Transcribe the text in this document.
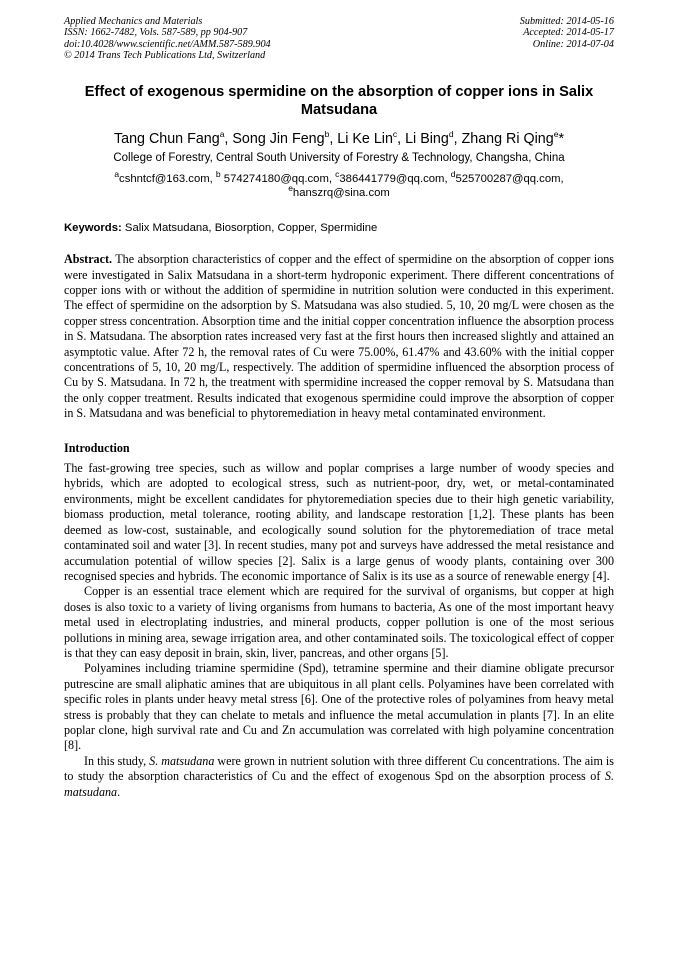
Applied Mechanics and Materials
ISSN: 1662-7482, Vols. 587-589, pp 904-907
doi:10.4028/www.scientific.net/AMM.587-589.904
© 2014 Trans Tech Publications Ltd, Switzerland
Submitted: 2014-05-16
Accepted: 2014-05-17
Online: 2014-07-04
Effect of exogenous spermidine on the absorption of copper ions in Salix Matsudana
Tang Chun Fang$^a$, Song Jin Feng$^b$, Li Ke Lin$^c$, Li Bing$^d$, Zhang Ri Qing$^e$*
College of Forestry, Central South University of Forestry & Technology, Changsha, China
$^a$cshntcf@163.com, $^b$ 574274180@qq.com, $^c$386441779@qq.com, $^d$525700287@qq.com,
$^e$hanszrq@sina.com
Keywords: Salix Matsudana, Biosorption, Copper, Spermidine
Abstract. The absorption characteristics of copper and the effect of spermidine on the absorption of copper ions were investigated in Salix Matsudana in a short-term hydroponic experiment. There different concentrations of copper ions with or without the addition of spermidine in nutrition solution were conducted in this experiment. The effect of spermidine on the adsorption by S. Matsudana was also studied. 5, 10, 20 mg/L were chosen as the copper stress concentration. Absorption time and the initial copper concentration influence the absorption process in S. Matsudana. The absorption rates increased very fast at the first hours then increased slightly and attained an asymptotic value. After 72 h, the removal rates of Cu were 75.00%, 61.47% and 43.60% with the initial copper concentrations of 5, 10, 20 mg/L, respectively. The addition of spermidine influenced the absorption process of Cu by S. Matsudana. In 72 h, the treatment with spermidine increased the copper removal by S. Matsudana than the only copper treatment. Results indicated that exogenous spermidine could improve the absorption of copper in S. Matsudana and was beneficial to phytoremediation in heavy metal contaminated environment.
Introduction

The fast-growing tree species, such as willow and poplar comprises a large number of woody species and hybrids, which are adopted to ecological stress, such as nutrient-poor, dry, wet, or metal-contaminated environments, might be excellent candidates for phytoremediation species due to their high genetic variability, biomass production, metal tolerance, rooting ability, and landscape restoration [1,2]. These plants has been deemed as low-cost, sustainable, and ecologically sound solution for the phytoremediation of trace metal contaminated soil and water [3]. In recent studies, many pot and surveys have addressed the metal resistance and accumulation potential of willow species [2]. Salix is a large genus of woody plants, containing over 300 recognised species and hybrids. The economic importance of Salix is its use as a source of renewable energy [4].

Copper is an essential trace element which are required for the survival of organisms, but copper at high doses is also toxic to a variety of living organisms from humans to bacteria, As one of the most important heavy metal used in electroplating industries, and mineral products, copper pollution is one of the most serious pollutions in mining area, sewage irrigation area, and other contaminated soils. The toxicological effect of copper is that they can easy deposit in brain, skin, liver, pancreas, and other organs [5].

Polyamines including triamine spermidine (Spd), tetramine spermine and their diamine obligate precursor putrescine are small aliphatic amines that are ubiquitous in all plant cells. Polyamines have been correlated with specific roles in plants under heavy metal stress [6]. One of the protective roles of polyamines from heavy metal stress is probably that they can chelate to metals and influence the metal accumulation in plants [7]. In an elite poplar clone, high survival rate and Cu and Zn accumulation was correlated with high polyamine concentration [8].

In this study, S. matsudana were grown in nutrient solution with three different Cu concentrations. The aim is to study the absorption characteristics of Cu and the effect of exogenous Spd on the absorption process of S. matsudana.
